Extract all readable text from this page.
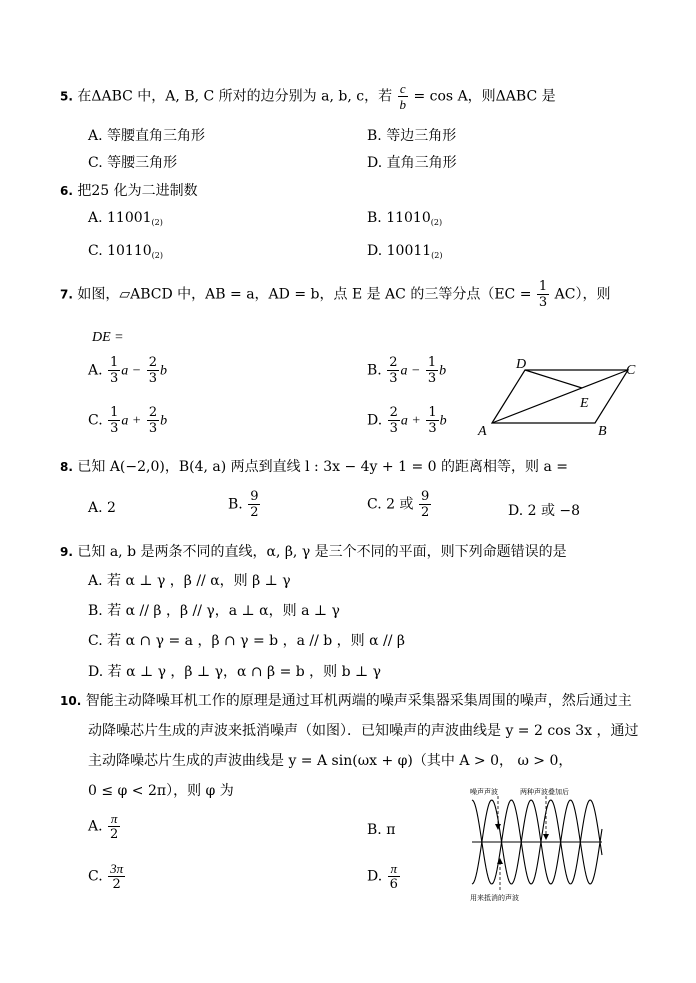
5. 在ΔABC 中，A, B, C 所对的边分别为 a, b, c，若 $\frac{c}{b} = \cos A$，则ΔABC 是
A. 等腰直角三角形	B. 等边三角形
C. 等腰三角形	D. 直角三角形
6. 把25 化为二进制数
A. $11001_{(2)}$	B. $11010_{(2)}$
C. $10110_{(2)}$	D. $10011_{(2)}$
7. 如图，▱ABCD 中，AB = a，AD = b，点 E 是 AC 的三等分点$(EC = \frac{1}{3} AC)$，则
DE =
A. $\frac{1}{3}$ $a - \frac{2}{3}$ b	B. $\frac{2}{3}$ $a - \frac{1}{3}$ b
C. $\frac{1}{3}$ $a + \frac{2}{3}$ b	D. $\frac{2}{3}$ $a + \frac{1}{3}$ b
D	C
E
A	B
8. 已知 A(−2,0)，B(4, a) 两点到直线 l : 3x − 4y + 1 = 0 的距离相等，则 a =
A. 2	B. $\frac{9}{2}$	C. 2 或 $\frac{9}{2}$	D. 2 或 −8
9. 已知 a, b 是两条不同的直线，α, β, γ 是三个不同的平面，则下列命题错误的是
A. 若 α ⊥ γ ，β // α，则 β ⊥ γ
B. 若 α // β ，β // γ，a ⊥ α，则 a ⊥ γ
C. 若 α ∩ γ = a ，β ∩ γ = b ，a // b ，则 α // β
D. 若 α ⊥ γ ，β ⊥ γ，α ∩ β = b ，则 b ⊥ γ
10. 智能主动降噪耳机工作的原理是通过耳机两端的噪声采集器采集周围的噪声，然后通过主
动降噪芯片生成的声波来抵消噪声（如图）．已知噪声的声波曲线是 y = 2 cos 3x ，通过
主动降噪芯片生成的声波曲线是 y = A sin(ωx + φ)（其中 A > 0， ω > 0，
0 ≤ φ < 2π），则 φ 为
A. $\frac{\pi}{2}$	B. π
C. $\frac{3\pi}{2}$	D. $\frac{\pi}{6}$
噪声声波	两种声波叠加后
用来抵消的声波
